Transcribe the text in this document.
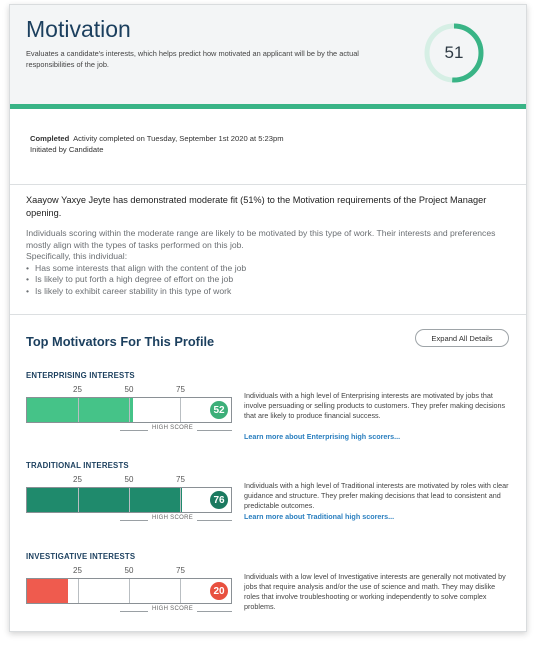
Motivation

Evaluates a candidate's interests, which helps predict how motivated an applicant will be by the actual responsibilities of the job.

51
Completed Activity completed on Tuesday, September 1st 2020 at 5:23pm
Initiated by Candidate

Xaayow Yaxye Jeyte has demonstrated moderate fit (51%) to the Motivation requirements of the Project Manager opening.

Individuals scoring within the moderate range are likely to be motivated by this type of work. Their interests and preferences mostly align with the types of tasks performed on this job.

Specifically, this individual:

• Has some interests that align with the content of the job
• Is likely to put forth a high degree of effort on the job
• Is likely to exhibit career stability in this type of work
Top Motivators For This Profile	Expand All Details
ENTERPRISING INTERESTS
25	50	75
HIGH SCORE
52

Individuals with a high level of Enterprising interests are motivated by jobs that involve persuading or selling products to customers. They prefer making decisions that are likely to produce financial success.

Learn more about Enterprising high scorers...
TRADITIONAL INTERESTS
25	50	75
HIGH SCORE
76

Individuals with a high level of Traditional interests are motivated by roles with clear guidance and structure. They prefer making decisions that lead to consistent and predictable outcomes.

Learn more about Traditional high scorers...
INVESTIGATIVE INTERESTS
25	50	75
HIGH SCORE
20

Individuals with a low level of Investigative interests are generally not motivated by jobs that require analysis and/or the use of science and math. They may dislike roles that involve troubleshooting or working independently to solve complex problems.
